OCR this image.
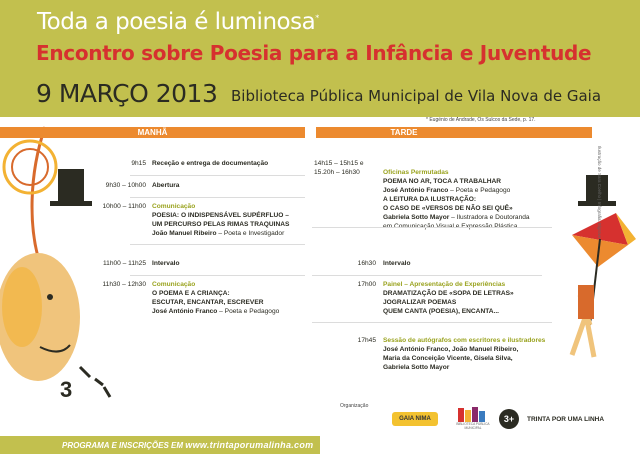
Toda a poesia é luminosa*
Encontro sobre Poesia para a Infância e Juventude
9 MARÇO 2013 Biblioteca Pública Municipal de Vila Nova de Gaia
* Eugénio de Andrade, Os Sulcos da Sede, p. 17.
3
MANHÃ	TARDE
9h15 Receção e entrega de documentação
9h30 – 10h00 Abertura
10h00 – 11h00 Comunicação
POESIA: O INDISPENSÁVEL SUPÉRFLUO –
UM PERCURSO PELAS RIMAS TRAQUINAS
João Manuel Ribeiro – Poeta e Investigador
11h00 – 11h25 Intervalo
11h30 – 12h30 Comunicação
O POEMA E A CRIANÇA:
ESCUTAR, ENCANTAR, ESCREVER
José António Franco – Poeta e Pedagogo
14h15 – 15h15 e
15.20h – 16h30	Oficinas Permutadas
POEMA NO AR, TOCA A TRABALHAR
José António Franco – Poeta e Pedagogo
A LEITURA DA ILUSTRAÇÃO:
O CASO DE «VERSOS DE NÃO SEI QUÊ»
Gabriela Sotto Mayor – Ilustradora e Doutoranda
16h30 Intervalo
17h00 Painel – Apresentação de Experiências
DRAMATIZAÇÃO DE «SOPA DE LETRAS»
JOGRALIZAR POEMAS
QUEM CANTA (POESIA), ENCANTA...
17h45 Sessão de autógrafos com escritores e ilustradores
José António Franco, João Manuel Ribeiro,
Maria da Conceição Vicente, Gisela Silva,
Gabriela Sotto Mayor
Ilustração de Sara Coelho | Infografia: Elgrove
Organização
GAIA NIMA
BIBLIOTECA PÚBLICA MUNICIPAL
3+	TRINTA POR UMA LINHA
PROGRAMA E INSCRIÇÕES EM www.trintaporumalinha.com
